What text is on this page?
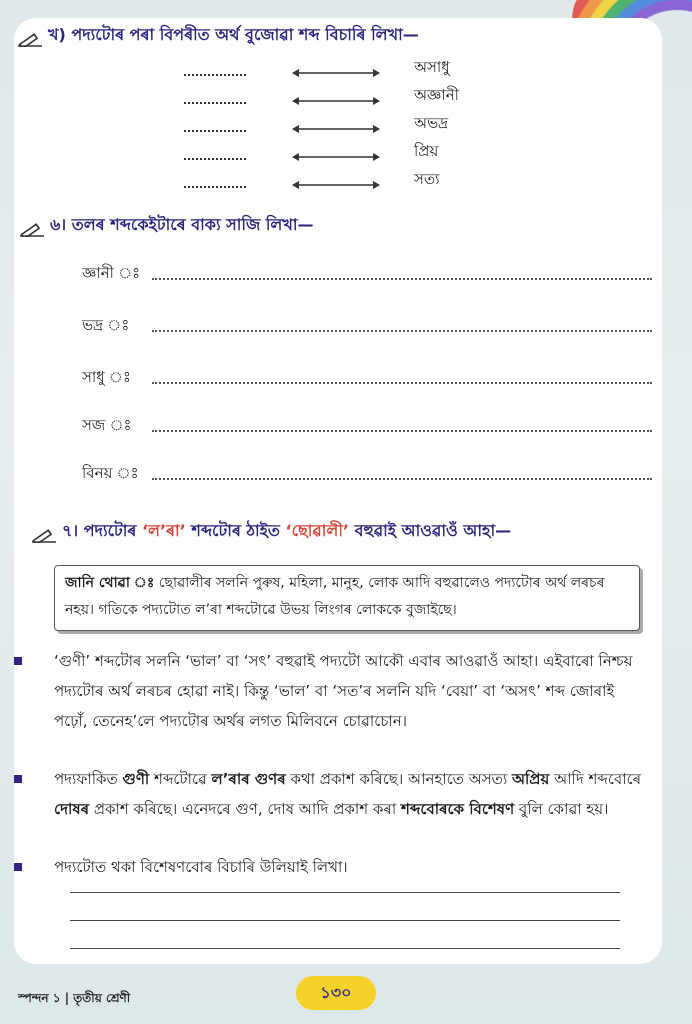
খ) পদ্যটোৰ পৰা বিপৰীত অৰ্থ বুজোৱা শব্দ বিচাৰি লিখা—
অসাধু
অজ্ঞানী
অভদ্ৰ
প্ৰিয়
সত্য
৬। তলৰ শব্দকেইটাৰে বাক্য সাজি লিখা—
জ্ঞানী ঃ
ভদ্ৰ ঃ
সাধু ঃ
সজ ঃ
বিনয় ঃ
৭। পদ্যটোৰ ‘ল’ৰা’ শব্দটোৰ ঠাইত ‘ছোৱালী’ বহুৱাই আওৱাওঁ আহা—
জানি থোৱা ঃ ছোৱালীৰ সলনি পুৰুষ, মহিলা, মানুহ, লোক আদি বহুৱালেও পদ্যটোৰ অৰ্থ লৰচৰ নহয়। গতিকে পদ্যটোত ল’ৰা শব্দটোৱে উভয় লিংগৰ লোককে বুজাইছে।
‘গুণী’ শব্দটোৰ সলনি ‘ভাল’ বা ‘সৎ’ বহুৱাই পদ্যটো আকৌ এবাৰ আওৱাওঁ আহা। এইবাৰো নিশ্চয় পদ্যটোৰ অৰ্থ লৰচৰ হোৱা নাই। কিন্তু ‘ভাল’ বা ‘সত’ৰ সলনি যদি ‘বেয়া’ বা ‘অসৎ’ শব্দ জোৰাই পঢ়োঁ, তেনেহ’লে পদ্যটোৰ অৰ্থৰ লগত মিলিবনে চোৱাচোন।
পদ্যফাকিত গুণী শব্দটোৱে ল’ৰাৰ গুণৰ কথা প্ৰকাশ কৰিছে। আনহাতে অসত্য অপ্ৰিয় আদি শব্দবোৰে দোষৰ প্ৰকাশ কৰিছে। এনেদৰে গুণ, দোষ আদি প্ৰকাশ কৰা শব্দবোৰকে বিশেষণ বুলি কোৱা হয়।
পদ্যটোত থকা বিশেষণবোৰ বিচাৰি উলিয়াই লিখা।
স্পন্দন ১ | তৃতীয় শ্ৰেণী	১৩০
